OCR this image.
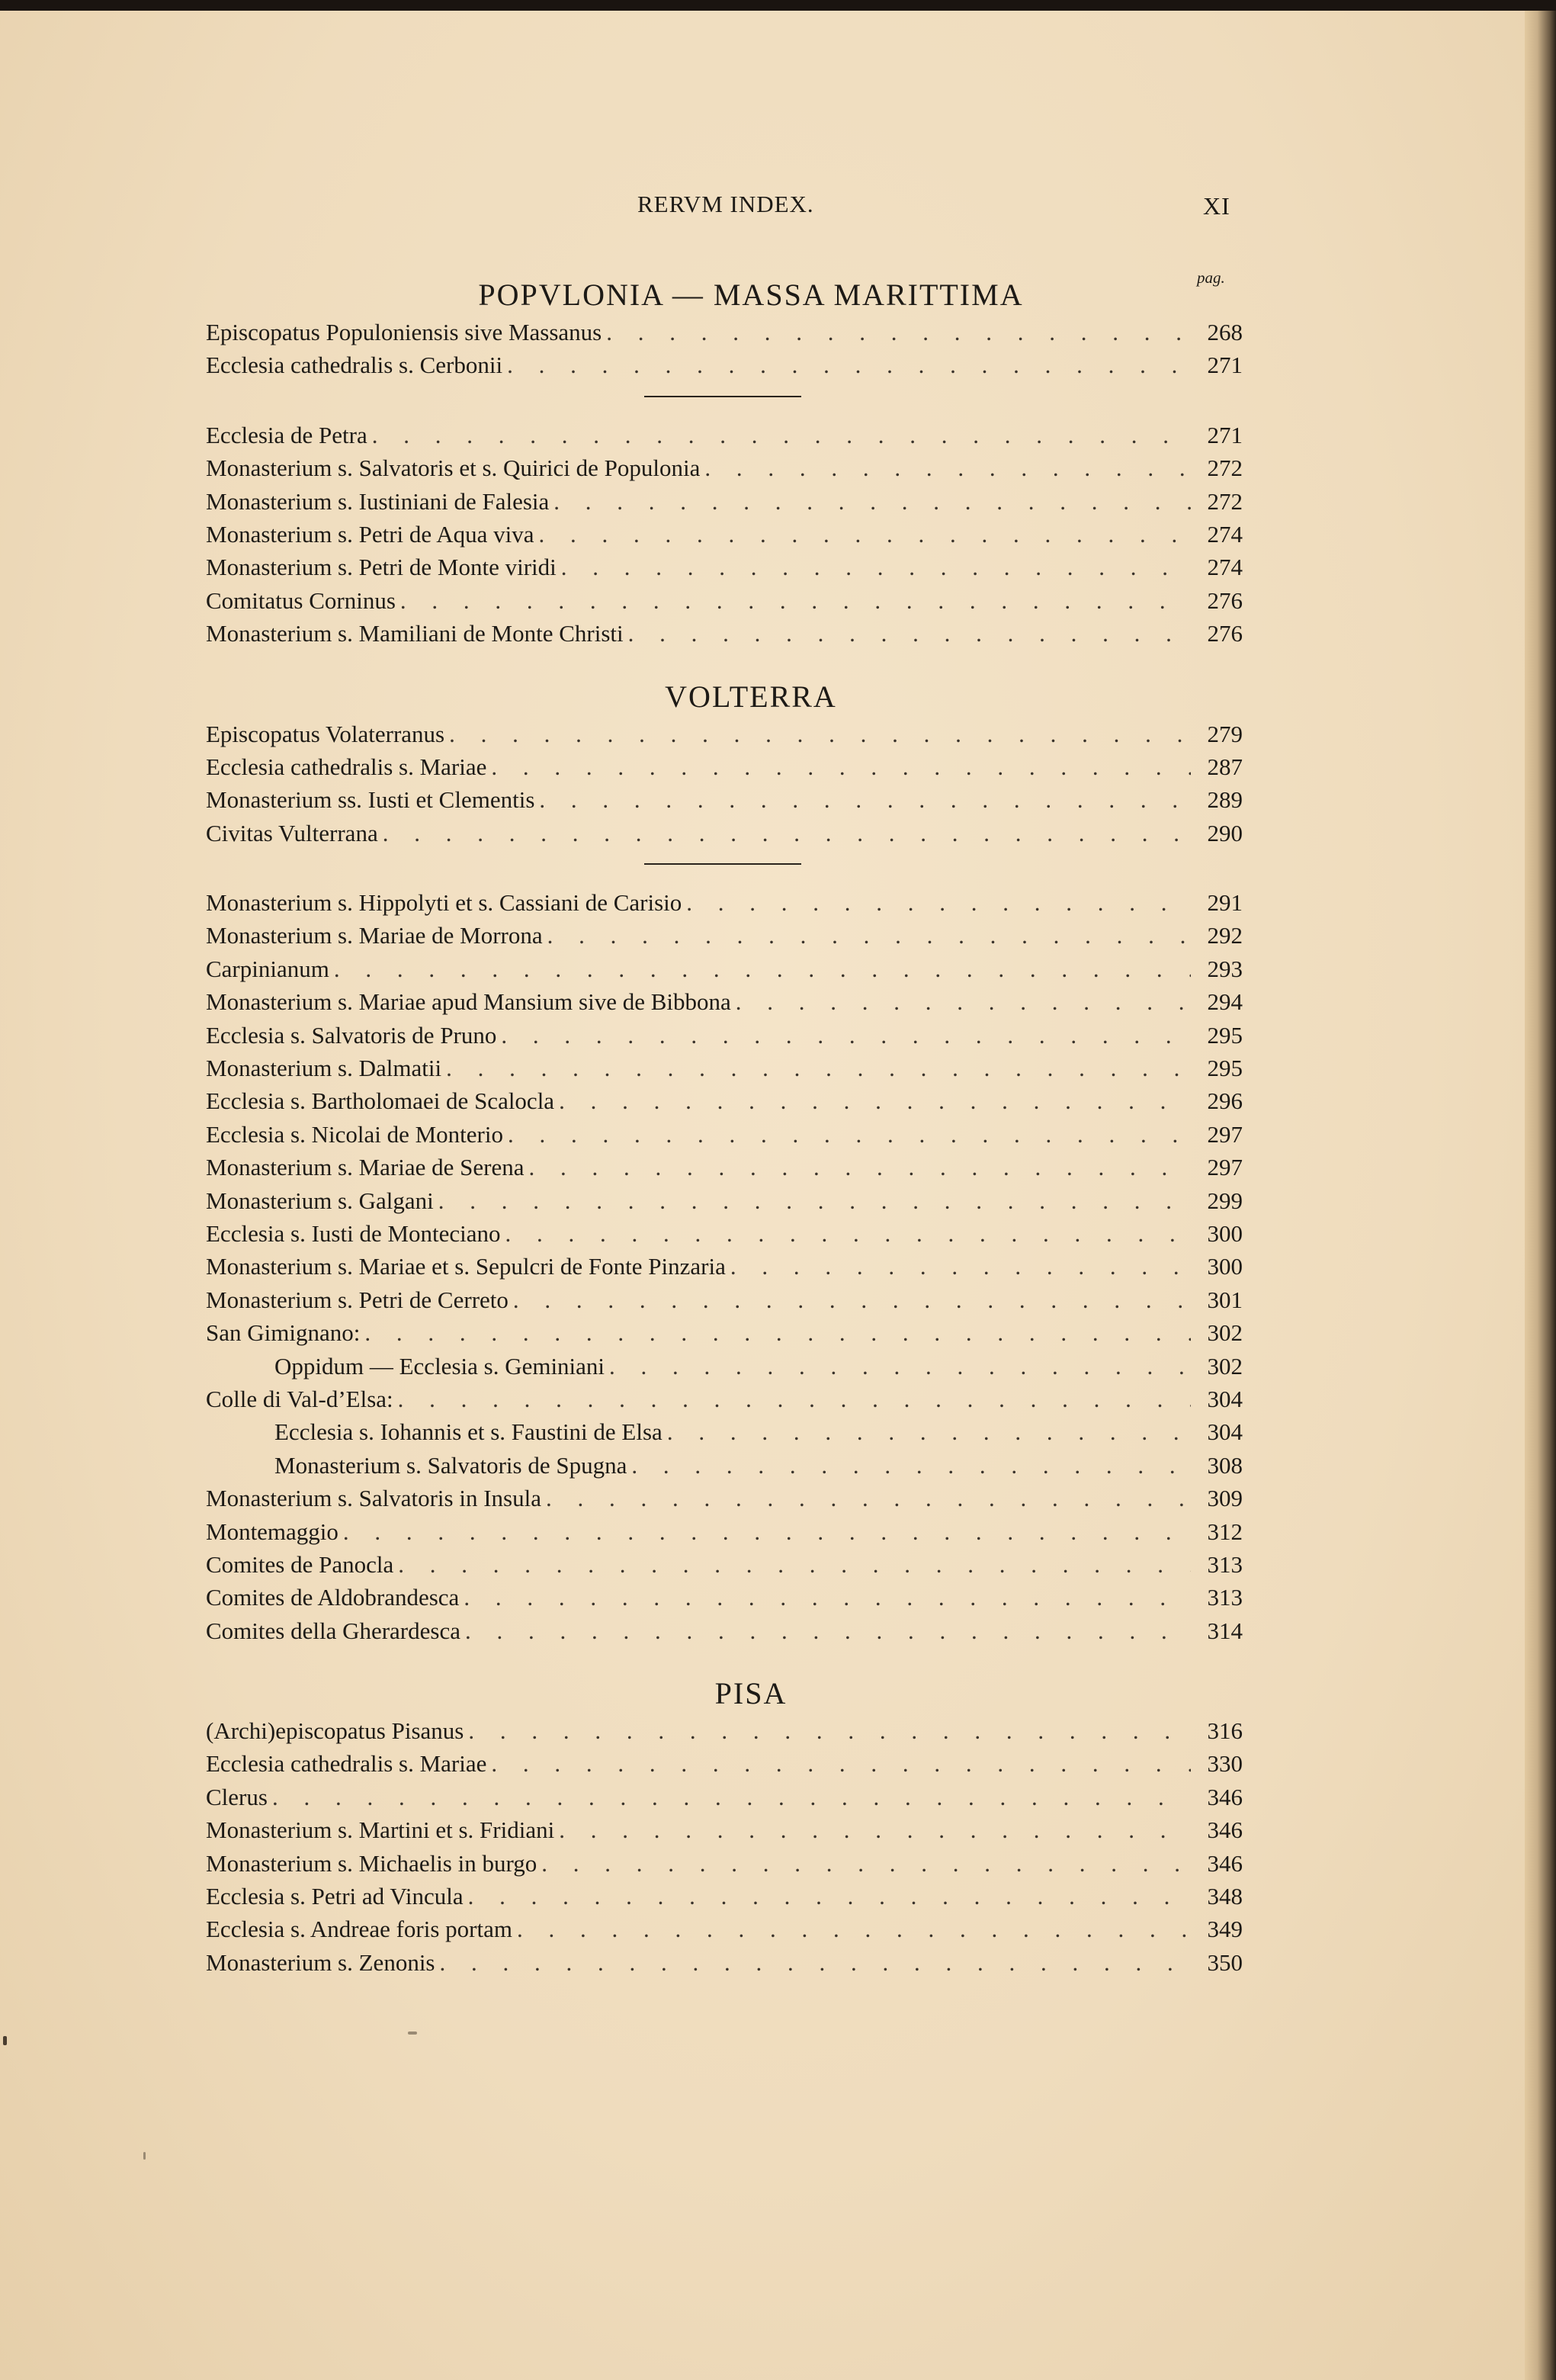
RERVM INDEX.	XI
pag.
POPVLONIA — MASSA MARITTIMA
Episcopatus Populoniensis sive Massanus . . .	268
Ecclesia cathedralis s. Cerbonii . . .	271
Ecclesia de Petra . . .	271
Monasterium s. Salvatoris et s. Quirici de Populonia . . .	272
Monasterium s. Iustiniani de Falesia . . .	272
Monasterium s. Petri de Aqua viva . . .	274
Monasterium s. Petri de Monte viridi . . .	274
Comitatus Corninus . . .	276
Monasterium s. Mamiliani de Monte Christi . . .	276
VOLTERRA
Episcopatus Volaterranus . . .	279
Ecclesia cathedralis s. Mariae . . .	287
Monasterium ss. Iusti et Clementis . . .	289
Civitas Vulterrana . . .	290
Monasterium s. Hippolyti et s. Cassiani de Carisio . . .	291
Monasterium s. Mariae de Morrona . . .	292
Carpinianum . . .	293
Monasterium s. Mariae apud Mansium sive de Bibbona . . .	294
Ecclesia s. Salvatoris de Pruno . . .	295
Monasterium s. Dalmatii . . .	295
Ecclesia s. Bartholomaei de Scalocla . . .	296
Ecclesia s. Nicolai de Monterio . . .	297
Monasterium s. Mariae de Serena . . .	297
Monasterium s. Galgani . . .	299
Ecclesia s. Iusti de Monteciano . . .	300
Monasterium s. Mariae et s. Sepulcri de Fonte Pinzaria . . .	300
Monasterium s. Petri de Cerreto . . .	301
San Gimignano: . . .	302
Oppidum — Ecclesia s. Geminiani . . .	302
Colle di Val-d’Elsa: . . .	304
Ecclesia s. Iohannis et s. Faustini de Elsa . . .	304
Monasterium s. Salvatoris de Spugna . . .	308
Monasterium s. Salvatoris in Insula . . .	309
Montemaggio . . .	312
Comites de Panocla . . .	313
Comites de Aldobrandesca . . .	313
Comites della Gherardesca . . .	314
PISA
(Archi)episcopatus Pisanus . . .	316
Ecclesia cathedralis s. Mariae . . .	330
Clerus . . .	346
Monasterium s. Martini et s. Fridiani . . .	346
Monasterium s. Michaelis in burgo . . .	346
Ecclesia s. Petri ad Vincula . . .	348
Ecclesia s. Andreae foris portam . . .	349
Monasterium s. Zenonis . . .	350
